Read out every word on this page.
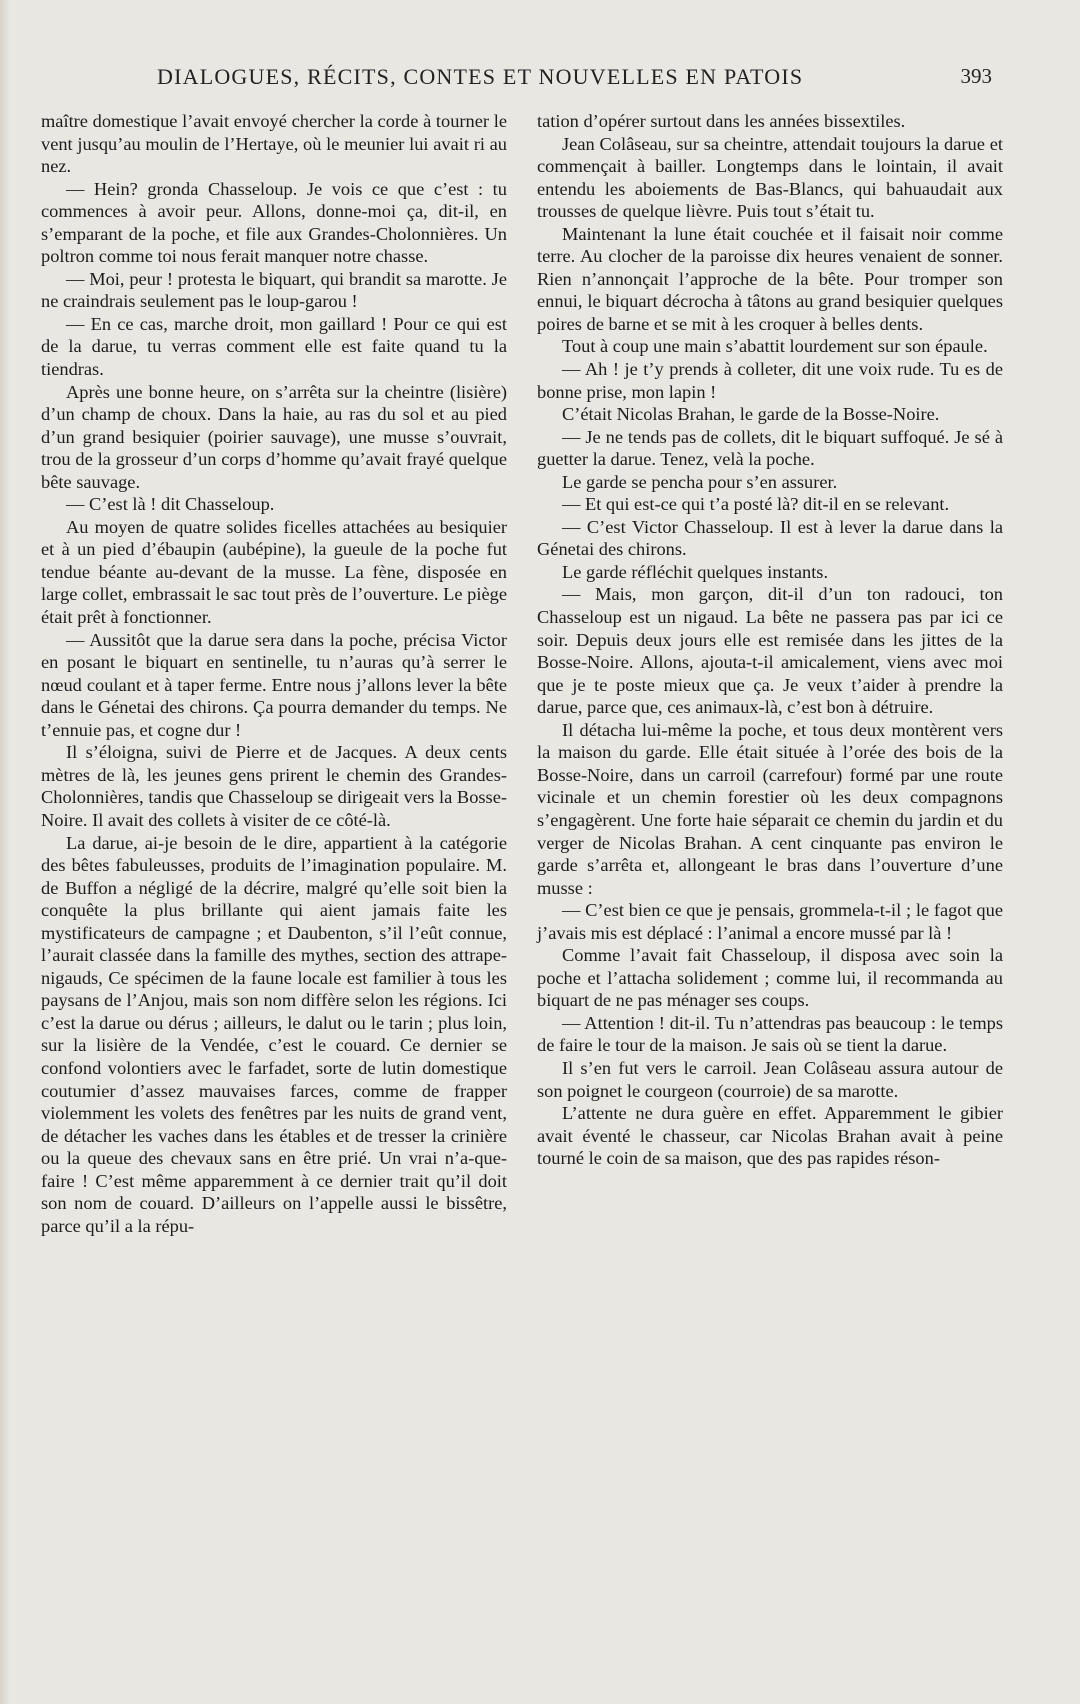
DIALOGUES, RÉCITS, CONTES ET NOUVELLES EN PATOIS	393

maître domestique l’avait envoyé chercher la corde à tourner le vent jusqu’au moulin de l’Hertaye, où le meunier lui avait ri au nez.

— Hein? gronda Chasseloup. Je vois ce que c’est : tu commences à avoir peur. Allons, donne-moi ça, dit-il, en s’emparant de la poche, et file aux Grandes-Cholonnières. Un poltron comme toi nous ferait manquer notre chasse.

— Moi, peur ! protesta le biquart, qui brandit sa marotte. Je ne craindrais seulement pas le loup-garou !

— En ce cas, marche droit, mon gaillard ! Pour ce qui est de la darue, tu verras comment elle est faite quand tu la tiendras.

Après une bonne heure, on s’arrêta sur la cheintre (lisière) d’un champ de choux. Dans la haie, au ras du sol et au pied d’un grand besiquier (poirier sauvage), une musse s’ouvrait, trou de la grosseur d’un corps d’homme qu’avait frayé quelque bête sauvage.

— C’est là ! dit Chasseloup.

Au moyen de quatre solides ficelles attachées au besiquier et à un pied d’ébaupin (aubépine), la gueule de la poche fut tendue béante au-devant de la musse. La fène, disposée en large collet, embrassait le sac tout près de l’ouverture. Le piège était prêt à fonctionner.

— Aussitôt que la darue sera dans la poche, précisa Victor en posant le biquart en sentinelle, tu n’auras qu’à serrer le nœud coulant et à taper ferme. Entre nous j’allons lever la bête dans le Génetai des chirons. Ça pourra demander du temps. Ne t’ennuie pas, et cogne dur !

Il s’éloigna, suivi de Pierre et de Jacques. A deux cents mètres de là, les jeunes gens prirent le chemin des Grandes-Cholonnières, tandis que Chasseloup se dirigeait vers la Bosse-Noire. Il avait des collets à visiter de ce côté-là.

La darue, ai-je besoin de le dire, appartient à la catégorie des bêtes fabuleusses, produits de l’imagination populaire. M. de Buffon a négligé de la décrire, malgré qu’elle soit bien la conquête la plus brillante qui aient jamais faite les mystificateurs de campagne ; et Daubenton, s’il l’eût connue, l’aurait classée dans la famille des mythes, section des attrape-nigauds, Ce spécimen de la faune locale est familier à tous les paysans de l’Anjou, mais son nom diffère selon les régions. Ici c’est la darue ou dérus ; ailleurs, le dalut ou le tarin ; plus loin, sur la lisière de la Vendée, c’est le couard. Ce dernier se confond volontiers avec le farfadet, sorte de lutin domestique coutumier d’assez mauvaises farces, comme de frapper violemment les volets des fenêtres par les nuits de grand vent, de détacher les vaches dans les étables et de tresser la crinière ou la queue des chevaux sans en être prié. Un vrai n’a-que-faire ! C’est même apparemment à ce dernier trait qu’il doit son nom de couard. D’ailleurs on l’appelle aussi le bissêtre, parce qu’il a la répu-

tation d’opérer surtout dans les années bissextiles.

Jean Colâseau, sur sa cheintre, attendait toujours la darue et commençait à bailler. Longtemps dans le lointain, il avait entendu les aboiements de Bas-Blancs, qui bahuaudait aux trousses de quelque lièvre. Puis tout s’était tu.

Maintenant la lune était couchée et il faisait noir comme terre. Au clocher de la paroisse dix heures venaient de sonner. Rien n’annonçait l’approche de la bête. Pour tromper son ennui, le biquart décrocha à tâtons au grand besiquier quelques poires de barne et se mit à les croquer à belles dents.

Tout à coup une main s’abattit lourdement sur son épaule.

— Ah ! je t’y prends à colleter, dit une voix rude. Tu es de bonne prise, mon lapin !

C’était Nicolas Brahan, le garde de la Bosse-Noire.

— Je ne tends pas de collets, dit le biquart suffoqué. Je sé à guetter la darue. Tenez, velà la poche.

Le garde se pencha pour s’en assurer.

— Et qui est-ce qui t’a posté là? dit-il en se relevant.

— C’est Victor Chasseloup. Il est à lever la darue dans la Génetai des chirons.

Le garde réfléchit quelques instants.

— Mais, mon garçon, dit-il d’un ton radouci, ton Chasseloup est un nigaud. La bête ne passera pas par ici ce soir. Depuis deux jours elle est remisée dans les jittes de la Bosse-Noire. Allons, ajouta-t-il amicalement, viens avec moi que je te poste mieux que ça. Je veux t’aider à prendre la darue, parce que, ces animaux-là, c’est bon à détruire.

Il détacha lui-même la poche, et tous deux montèrent vers la maison du garde. Elle était située à l’orée des bois de la Bosse-Noire, dans un carroil (carrefour) formé par une route vicinale et un chemin forestier où les deux compagnons s’engagèrent. Une forte haie séparait ce chemin du jardin et du verger de Nicolas Brahan. A cent cinquante pas environ le garde s’arrêta et, allongeant le bras dans l’ouverture d’une musse :

— C’est bien ce que je pensais, grommela-t-il ; le fagot que j’avais mis est déplacé : l’animal a encore mussé par là !

Comme l’avait fait Chasseloup, il disposa avec soin la poche et l’attacha solidement ; comme lui, il recommanda au biquart de ne pas ménager ses coups.

— Attention ! dit-il. Tu n’attendras pas beaucoup : le temps de faire le tour de la maison. Je sais où se tient la darue.

Il s’en fut vers le carroil. Jean Colâseau assura autour de son poignet le courgeon (courroie) de sa marotte.

L’attente ne dura guère en effet. Apparemment le gibier avait éventé le chasseur, car Nicolas Brahan avait à peine tourné le coin de sa maison, que des pas rapides réson-
